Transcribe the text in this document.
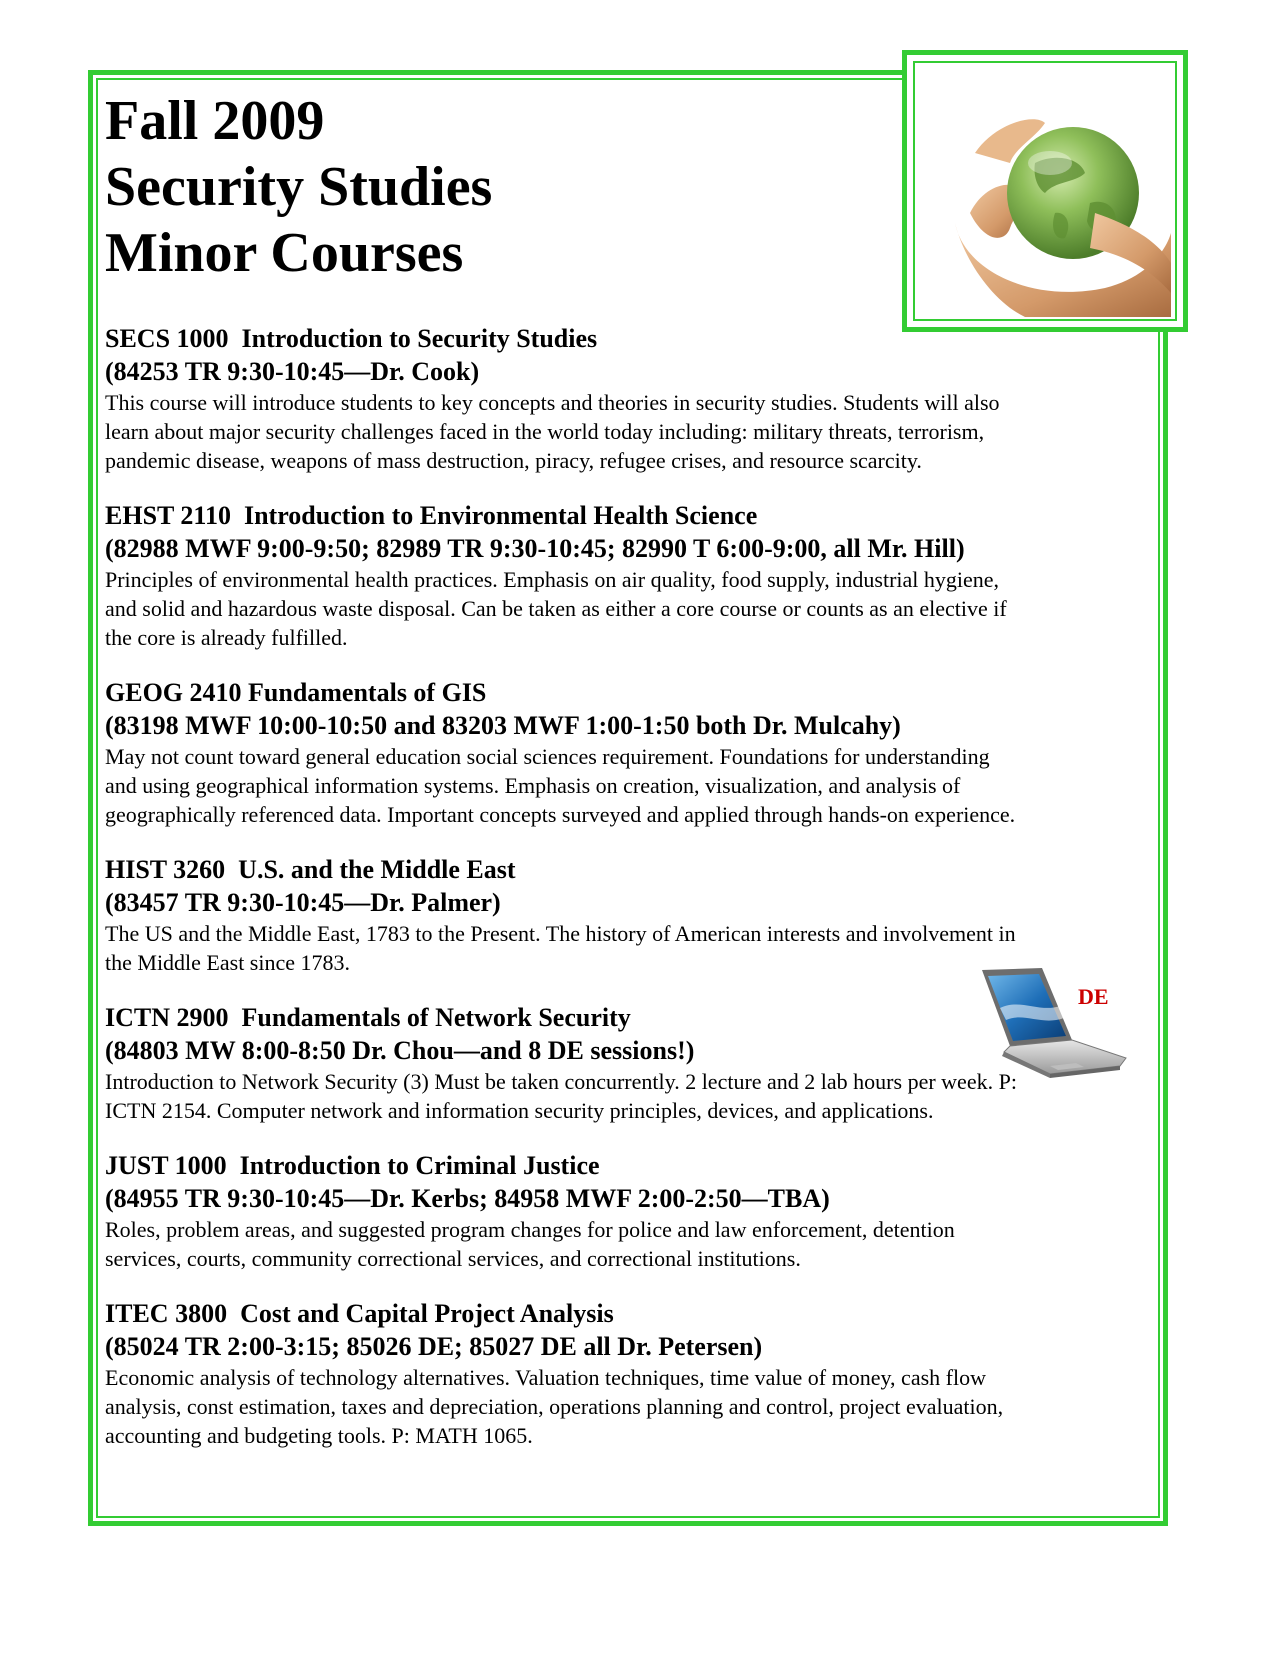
Fall 2009
Security Studies
Minor Courses
SECS 1000  Introduction to Security Studies
(84253 TR 9:30-10:45—Dr. Cook)

This course will introduce students to key concepts and theories in security studies. Students will also
learn about major security challenges faced in the world today including: military threats, terrorism,
pandemic disease, weapons of mass destruction, piracy, refugee crises, and resource scarcity.

EHST 2110  Introduction to Environmental Health Science
(82988 MWF 9:00-9:50; 82989 TR 9:30-10:45; 82990 T 6:00-9:00, all Mr. Hill)

Principles of environmental health practices. Emphasis on air quality, food supply, industrial hygiene,
and solid and hazardous waste disposal. Can be taken as either a core course or counts as an elective if
the core is already fulfilled.

GEOG 2410 Fundamentals of GIS
(83198 MWF 10:00-10:50 and 83203 MWF 1:00-1:50 both Dr. Mulcahy)

May not count toward general education social sciences requirement. Foundations for understanding
and using geographical information systems. Emphasis on creation, visualization, and analysis of
geographically referenced data. Important concepts surveyed and applied through hands-on experience.

HIST 3260  U.S. and the Middle East
(83457 TR 9:30-10:45—Dr. Palmer)

The US and the Middle East, 1783 to the Present. The history of American interests and involvement in
the Middle East since 1783.

ICTN 2900  Fundamentals of Network Security
(84803 MW 8:00-8:50 Dr. Chou—and 8 DE sessions!)

Introduction to Network Security (3) Must be taken concurrently. 2 lecture and 2 lab hours per week. P:
ICTN 2154. Computer network and information security principles, devices, and applications.

JUST 1000  Introduction to Criminal Justice
(84955 TR 9:30-10:45—Dr. Kerbs; 84958 MWF 2:00-2:50—TBA)

Roles, problem areas, and suggested program changes for police and law enforcement, detention
services, courts, community correctional services, and correctional institutions.

ITEC 3800  Cost and Capital Project Analysis
(85024 TR 2:00-3:15; 85026 DE; 85027 DE all Dr. Petersen)

Economic analysis of technology alternatives. Valuation techniques, time value of money, cash flow
analysis, const estimation, taxes and depreciation, operations planning and control, project evaluation,
accounting and budgeting tools. P: MATH 1065.

DE
